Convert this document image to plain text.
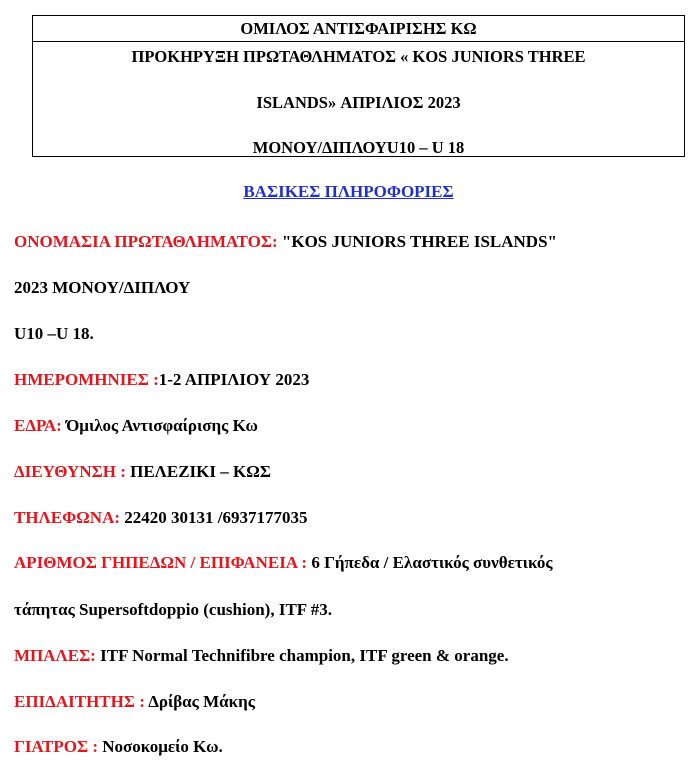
ΟΜΙΛΟΣ ΑΝΤΙΣΦΑΙΡΙΣΗΣ ΚΩ
ΠΡΟΚΗΡΥΞΗ ΠΡΩΤΑΘΛΗΜΑΤΟΣ « KOS JUNIORS THREE
ISLANDS» ΑΠΡΙΛΙΟΣ 2023
ΜΟΝΟΥ/ΔΙΠΛΟΥU10 – U 18
ΒΑΣΙΚΕΣ ΠΛΗΡΟΦΟΡΙΕΣ
ΟΝΟΜΑΣΙΑ ΠΡΩΤΑΘΛΗΜΑΤΟΣ: "KOS JUNIORS THREE ISLANDS"
2023 ΜΟΝΟΥ/ΔΙΠΛΟΥ
U10 –U 18.
ΗΜΕΡΟΜΗΝΙΕΣ :1-2 ΑΠΡΙΛΙΟΥ 2023
ΕΔΡΑ: Όμιλος Αντισφαίρισης Κω
ΔΙΕΥΘΥΝΣΗ : ΠΕΛΕΖΙΚΙ – ΚΩΣ
ΤΗΛΕΦΩΝΑ: 22420 30131 /6937177035
ΑΡΙΘΜΟΣ ΓΗΠΕΔΩΝ / ΕΠΙΦΑΝΕΙΑ : 6 Γήπεδα / Ελαστικός συνθετικός
τάπητας Supersoftdoppio (cushion), ITF #3.
ΜΠΑΛΕΣ: ITF Normal Technifibre champion, ITF green & orange.
ΕΠΙΔΑΙΤΗΤΗΣ : Δρίβας Μάκης
ΓΙΑΤΡΟΣ : Νοσοκομείο Κω.
